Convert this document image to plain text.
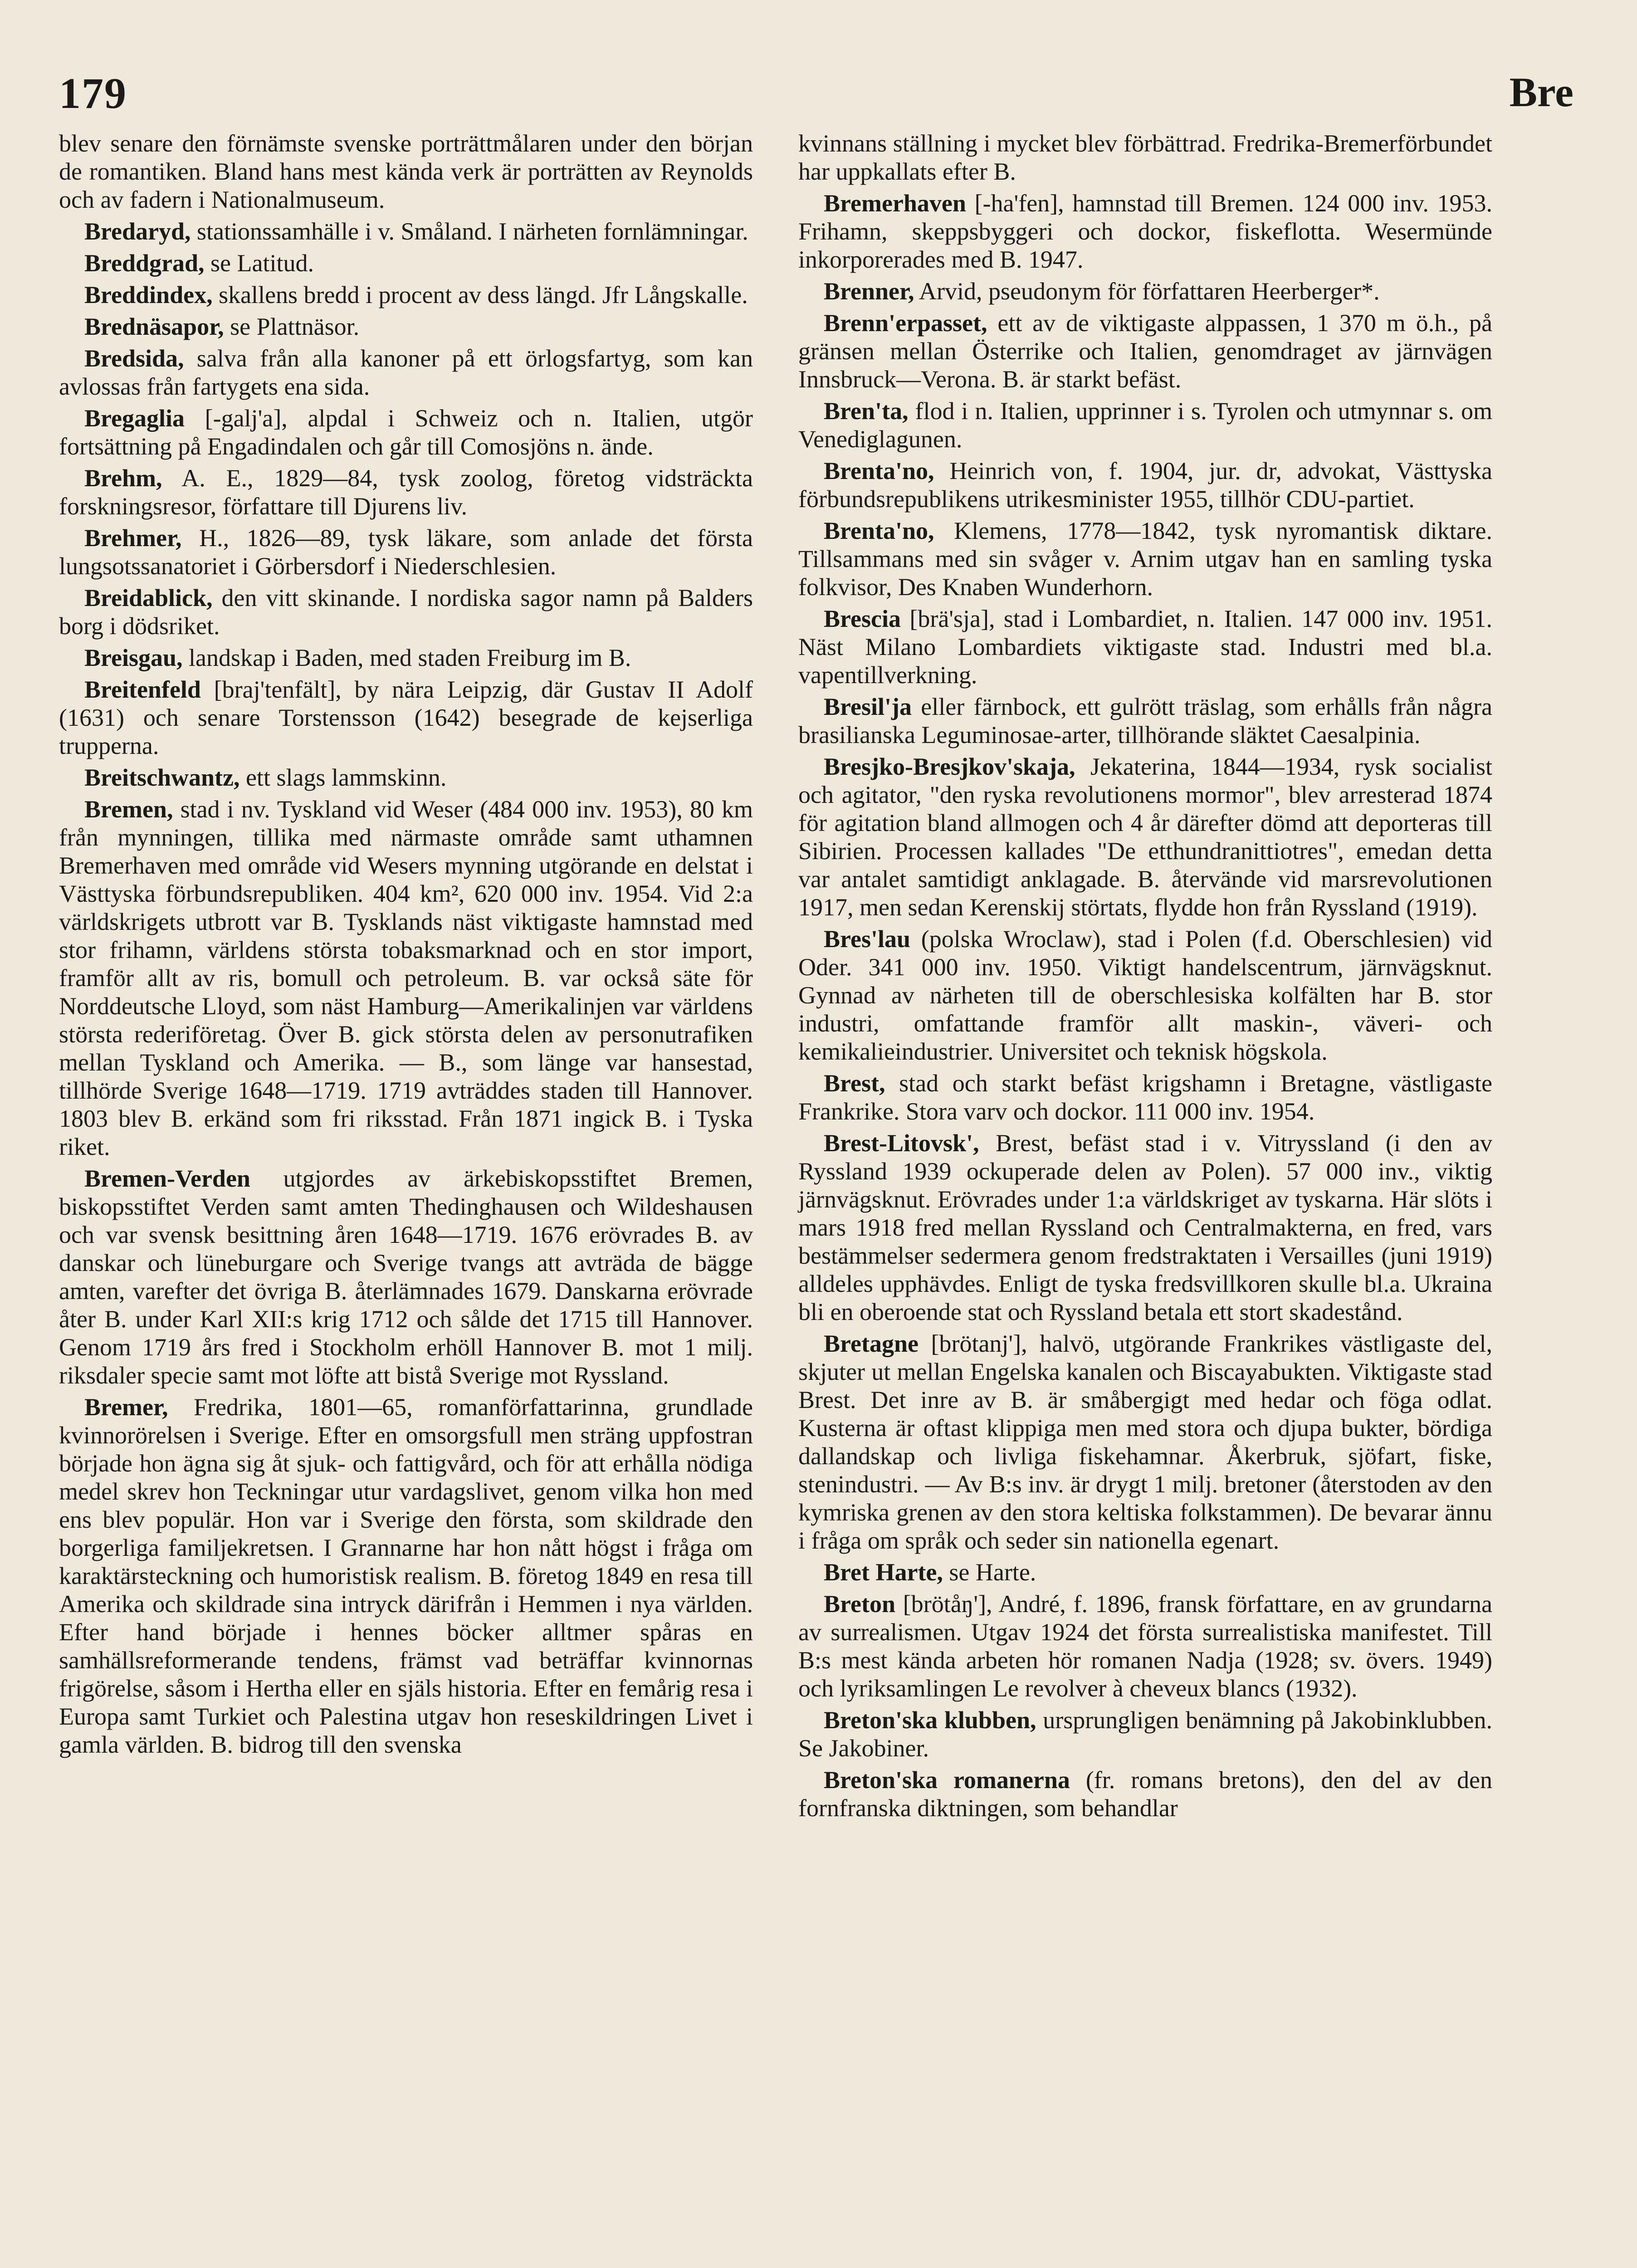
179	Bre

blev senare den förnämste svenske porträttmålaren under den början de romantiken. Bland hans mest kända verk är porträtten av Reynolds och av fadern i Nationalmuseum.

Bredaryd, stationssamhälle i v. Småland. I närheten fornlämningar.

Breddgrad, se Latitud.

Breddindex, skallens bredd i procent av dess längd. Jfr Långskalle.

Brednäsapor, se Plattnäsor.

Bredsida, salva från alla kanoner på ett örlogsfartyg, som kan avlossas från fartygets ena sida.

Bregaglia [-galj'a], alpdal i Schweiz och n. Italien, utgör fortsättning på Engadindalen och går till Comosjöns n. ände.

Brehm, A. E., 1829—84, tysk zoolog, företog vidsträckta forskningsresor, författare till Djurens liv.

Brehmer, H., 1826—89, tysk läkare, som anlade det första lungsotssanatoriet i Görbersdorf i Niederschlesien.

Breidablick, den vitt skinande. I nordiska sagor namn på Balders borg i dödsriket.

Breisgau, landskap i Baden, med staden Freiburg im B.

Breitenfeld [braj'tenfält], by nära Leipzig, där Gustav II Adolf (1631) och senare Torstensson (1642) besegrade de kejserliga trupperna.

Breitschwantz, ett slags lammskinn.

Bremen, stad i nv. Tyskland vid Weser (484 000 inv. 1953), 80 km från mynningen, tillika med närmaste område samt uthamnen Bremerhaven med område vid Wesers mynning utgörande en delstat i Västtyska förbundsrepubliken. 404 km², 620 000 inv. 1954. Vid 2:a världskrigets utbrott var B. Tysklands näst viktigaste hamnstad med stor frihamn, världens största tobaksmarknad och en stor import, framför allt av ris, bomull och petroleum. B. var också säte för Norddeutsche Lloyd, som näst Hamburg—Amerikalinjen var världens största rederiföretag. Över B. gick största delen av personutrafiken mellan Tyskland och Amerika. — B., som länge var hansestad, tillhörde Sverige 1648—1719. 1719 avträddes staden till Hannover. 1803 blev B. erkänd som fri riksstad. Från 1871 ingick B. i Tyska riket.

Bremen-Verden utgjordes av ärkebiskopsstiftet Bremen, biskopsstiftet Verden samt amten Thedinghausen och Wildeshausen och var svensk besittning åren 1648—1719. 1676 erövrades B. av danskar och lüneburgare och Sverige tvangs att avträda de bägge amten, varefter det övriga B. återlämnades 1679. Danskarna erövrade åter B. under Karl XII:s krig 1712 och sålde det 1715 till Hannover. Genom 1719 års fred i Stockholm erhöll Hannover B. mot 1 milj. riksdaler specie samt mot löfte att bistå Sverige mot Ryssland.

Bremer, Fredrika, 1801—65, romanförfattarinna, grundlade kvinnorörelsen i Sverige. Efter en omsorgsfull men sträng uppfostran började hon ägna sig åt sjuk- och fattigvård, och för att erhålla nödiga medel skrev hon Teckningar utur vardagslivet, genom vilka hon med ens blev populär. Hon var i Sverige den första, som skildrade den borgerliga familjekretsen. I Grannarne har hon nått högst i fråga om karaktärsteckning och humoristisk realism. B. företog 1849 en resa till Amerika och skildrade sina intryck därifrån i Hemmen i nya världen. Efter hand började i hennes böcker alltmer spåras en samhällsreformerande tendens, främst vad beträffar kvinnornas frigörelse, såsom i Hertha eller en själs historia. Efter en femårig resa i Europa samt Turkiet och Palestina utgav hon reseskildringen Livet i gamla världen. B. bidrog till den svenska

kvinnans ställning i mycket blev förbättrad. Fredrika-Bremerförbundet har uppkallats efter B.

Bremerhaven [-ha'fen], hamnstad till Bremen. 124 000 inv. 1953. Frihamn, skeppsbyggeri och dockor, fiskeflotta. Wesermünde inkorporerades med B. 1947.

Brenner, Arvid, pseudonym för författaren Heerberger*.

Brenn'erpasset, ett av de viktigaste alppassen, 1 370 m ö.h., på gränsen mellan Österrike och Italien, genomdraget av järnvägen Innsbruck—Verona. B. är starkt befäst.

Bren'ta, flod i n. Italien, upprinner i s. Tyrolen och utmynnar s. om Venediglagunen.

Brenta'no, Heinrich von, f. 1904, jur. dr, advokat, Västtyska förbundsrepublikens utrikesminister 1955, tillhör CDU-partiet.

Brenta'no, Klemens, 1778—1842, tysk nyromantisk diktare. Tillsammans med sin svåger v. Arnim utgav han en samling tyska folkvisor, Des Knaben Wunderhorn.

Brescia [brä'sja], stad i Lombardiet, n. Italien. 147 000 inv. 1951. Näst Milano Lombardiets viktigaste stad. Industri med bl.a. vapentillverkning.

Bresil'ja eller färnbock, ett gulrött träslag, som erhålls från några brasilianska Leguminosae-arter, tillhörande släktet Caesalpinia.

Bresjko-Bresjkov'skaja, Jekaterina, 1844—1934, rysk socialist och agitator, "den ryska revolutionens mormor", blev arresterad 1874 för agitation bland allmogen och 4 år därefter dömd att deporteras till Sibirien. Processen kallades "De etthundranittiotres", emedan detta var antalet samtidigt anklagade. B. återvände vid marsrevolutionen 1917, men sedan Kerenskij störtats, flydde hon från Ryssland (1919).

Bres'lau (polska Wroclaw), stad i Polen (f.d. Oberschlesien) vid Oder. 341 000 inv. 1950. Viktigt handelscentrum, järnvägsknut. Gynnad av närheten till de oberschlesiska kolfälten har B. stor industri, omfattande framför allt maskin-, väveri- och kemikalieindustrier. Universitet och teknisk högskola.

Brest, stad och starkt befäst krigshamn i Bretagne, västligaste Frankrike. Stora varv och dockor. 111 000 inv. 1954.

Brest-Litovsk', Brest, befäst stad i v. Vitryssland (i den av Ryssland 1939 ockuperade delen av Polen). 57 000 inv., viktig järnvägsknut. Erövrades under 1:a världskriget av tyskarna. Här slöts i mars 1918 fred mellan Ryssland och Centralmakterna, en fred, vars bestämmelser sedermera genom fredstraktaten i Versailles (juni 1919) alldeles upphävdes. Enligt de tyska fredsvillkoren skulle bl.a. Ukraina bli en oberoende stat och Ryssland betala ett stort skadestånd.

Bretagne [brötanj'], halvö, utgörande Frankrikes västligaste del, skjuter ut mellan Engelska kanalen och Biscayabukten. Viktigaste stad Brest. Det inre av B. är småbergigt med hedar och föga odlat. Kusterna är oftast klippiga men med stora och djupa bukter, bördiga dallandskap och livliga fiskehamnar. Åkerbruk, sjöfart, fiske, stenindustri. — Av B:s inv. är drygt 1 milj. bretoner (återstoden av den kymriska grenen av den stora keltiska folkstammen). De bevarar ännu i fråga om språk och seder sin nationella egenart.

Bret Harte, se Harte.

Breton [brötåŋ'], André, f. 1896, fransk författare, en av grundarna av surrealismen. Utgav 1924 det första surrealistiska manifestet. Till B:s mest kända arbeten hör romanen Nadja (1928; sv. övers. 1949) och lyriksamlingen Le revolver à cheveux blancs (1932).

Breton'ska klubben, ursprungligen benämning på Jakobinklubben. Se Jakobiner.

Breton'ska romanerna (fr. romans bretons), den del av den fornfranska diktningen, som behandlar
